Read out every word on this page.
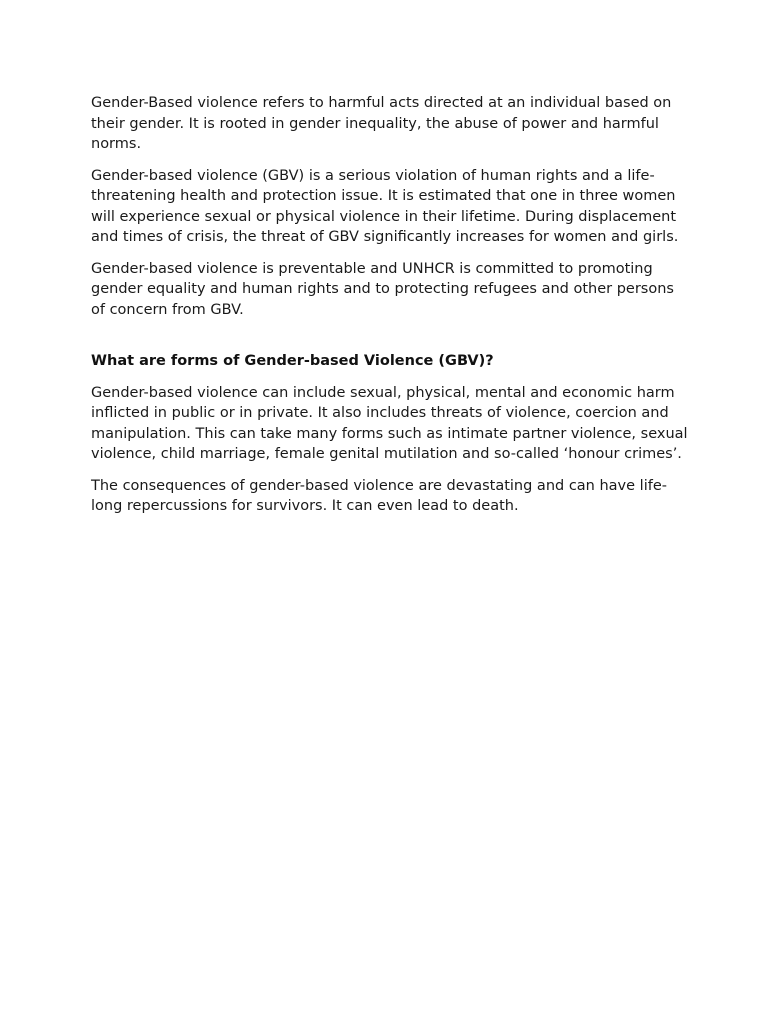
Gender-Based violence refers to harmful acts directed at an individual based on their gender. It is rooted in gender inequality, the abuse of power and harmful norms.

Gender-based violence (GBV) is a serious violation of human rights and a life-threatening health and protection issue. It is estimated that one in three women will experience sexual or physical violence in their lifetime. During displacement and times of crisis, the threat of GBV significantly increases for women and girls.

Gender-based violence is preventable and UNHCR is committed to promoting gender equality and human rights and to protecting refugees and other persons of concern from GBV.

What are forms of Gender-based Violence (GBV)?

Gender-based violence can include sexual, physical, mental and economic harm inflicted in public or in private. It also includes threats of violence, coercion and manipulation. This can take many forms such as intimate partner violence, sexual violence, child marriage, female genital mutilation and so-called ‘honour crimes’.

The consequences of gender-based violence are devastating and can have life-long repercussions for survivors. It can even lead to death.
